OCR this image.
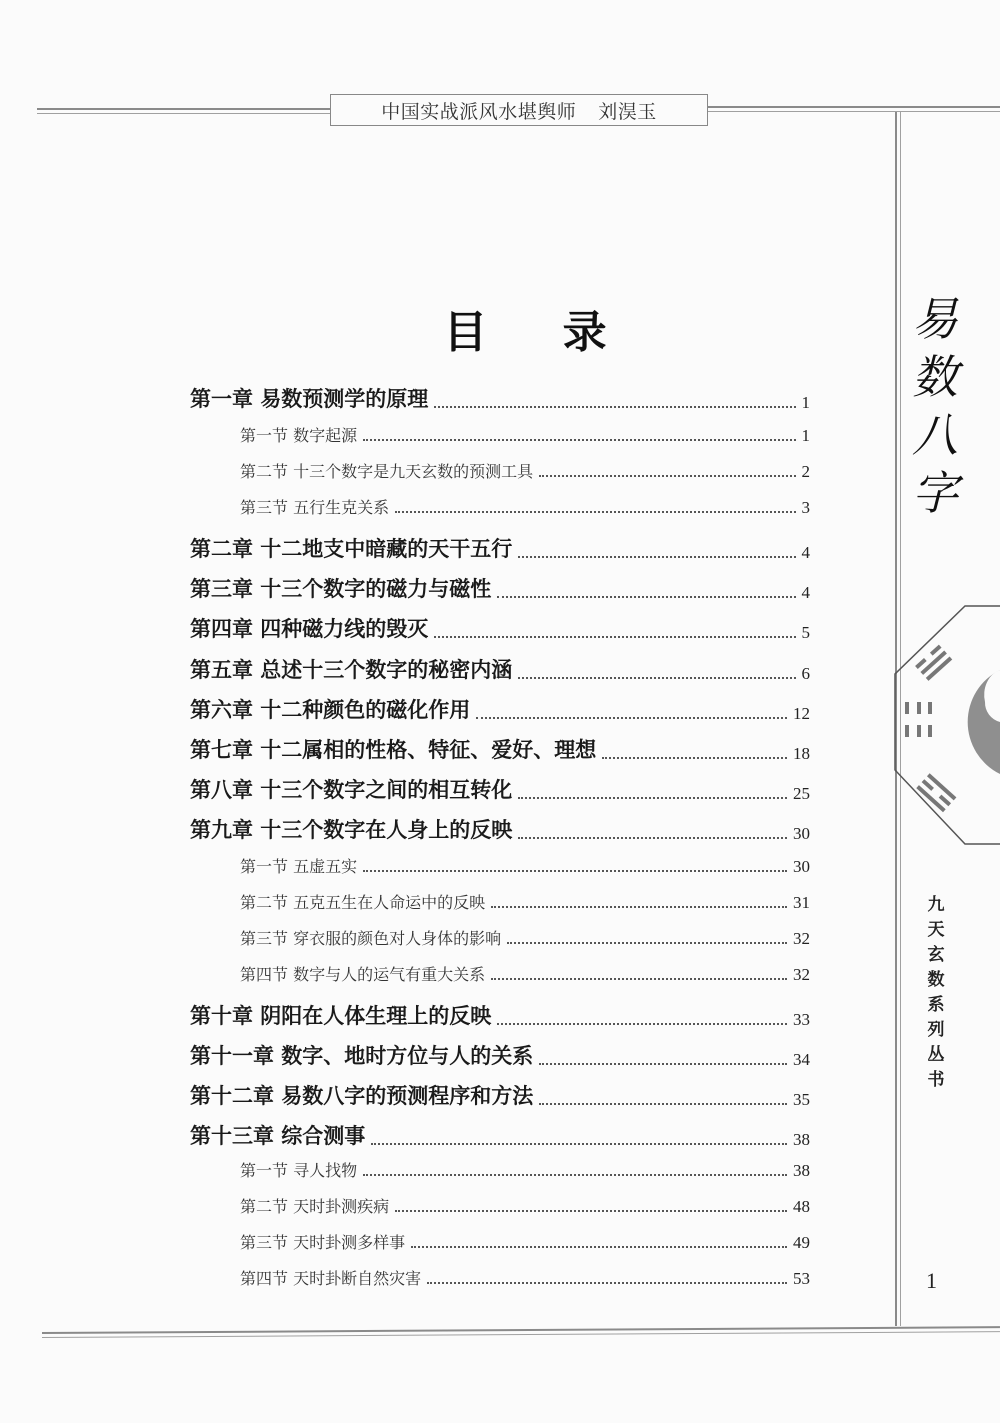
中国实战派风水堪舆师 刘淏玉
目 录
第一章 易数预测学的原理	1
第一节 数字起源	1
第二节 十三个数字是九天玄数的预测工具	2
第三节 五行生克关系	3
第二章 十二地支中暗藏的天干五行	4
第三章 十三个数字的磁力与磁性	4
第四章 四种磁力线的毁灭	5
第五章 总述十三个数字的秘密内涵	6
第六章 十二种颜色的磁化作用	12
第七章 十二属相的性格、特征、爱好、理想	18
第八章 十三个数字之间的相互转化	25
第九章 十三个数字在人身上的反映	30
第一节 五虚五实	30
第二节 五克五生在人命运中的反映	31
第三节 穿衣服的颜色对人身体的影响	32
第四节 数字与人的运气有重大关系	32
第十章 阴阳在人体生理上的反映	33
第十一章 数字、地时方位与人的关系	34
第十二章 易数八字的预测程序和方法	35
第十三章 综合测事	38
第一节 寻人找物	38
第二节 天时卦测疾病	48
第三节 天时卦测多样事	49
第四节 天时卦断自然灾害	53
易
数
八
字
九
天
玄
数
系
列
丛
书
1
